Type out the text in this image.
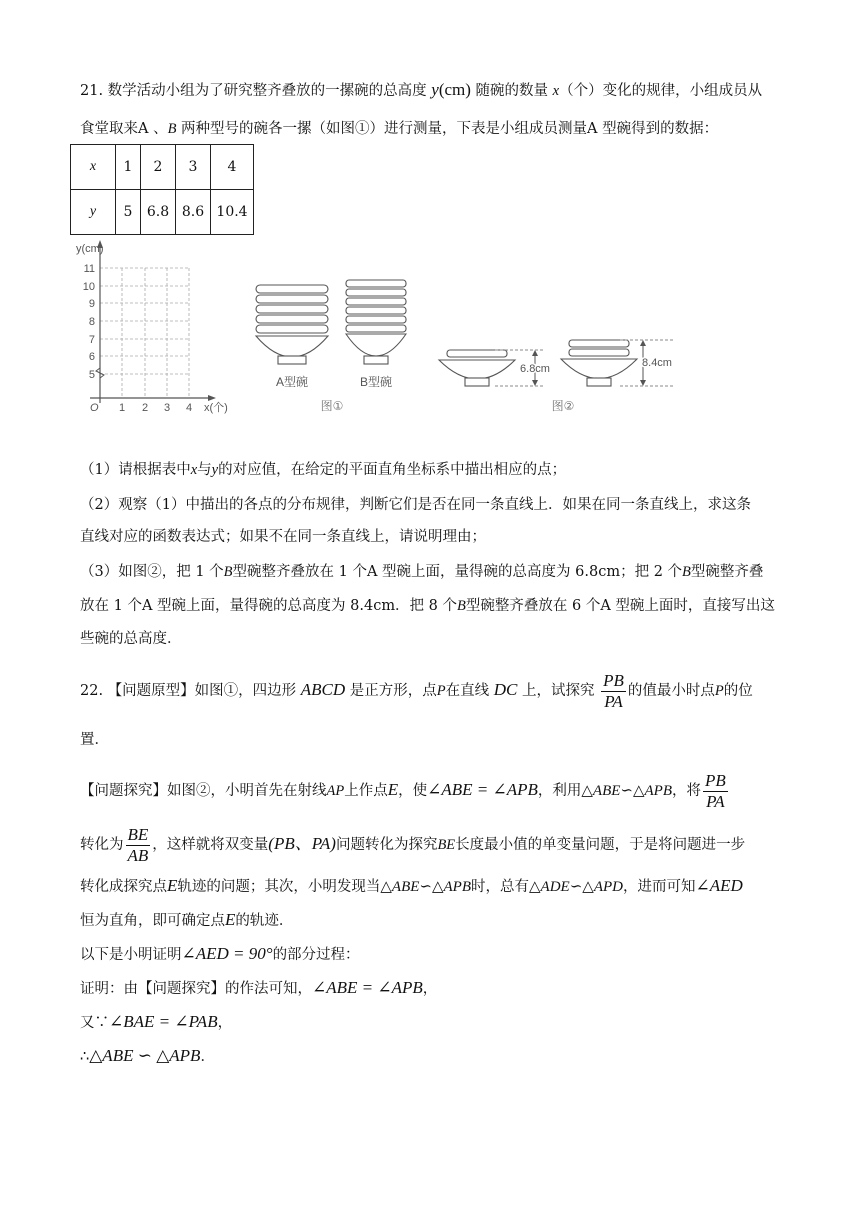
21. 数学活动小组为了研究整齐叠放的一摞碗的总高度 y(cm) 随碗的数量 x（个）变化的规律，小组成员从
食堂取来A 、B 两种型号的碗各一摞（如图①）进行测量，下表是小组成员测量A 型碗得到的数据：
x	1	2	3	4
y	5	6.8	8.6	10.4
y(cm)
x(个)
O
11
10
9
8
7
6
5
1 2 3 4
A型碗	B型碗
图①
6.8cm	8.4cm
图②
（1）请根据表中x与y的对应值，在给定的平面直角坐标系中描出相应的点；
（2）观察（1）中描出的各点的分布规律，判断它们是否在同一条直线上．如果在同一条直线上，求这条
直线对应的函数表达式；如果不在同一条直线上，请说明理由；
（3）如图②，把 1 个B型碗整齐叠放在 1 个A 型碗上面，量得碗的总高度为 6.8cm；把 2 个B型碗整齐叠
放在 1 个A 型碗上面，量得碗的总高度为 8.4cm．把 8 个B型碗整齐叠放在 6 个A 型碗上面时，直接写出这
些碗的总高度．
22. 【问题原型】如图①，四边形 ABCD 是正方形，点P在直线 DC 上，试探究 $\frac{PB}{PA}$ 的值最小时点P的位
置．
【问题探究】如图②，小明首先在射线AP上作点E，使∠ABE = ∠APB，利用△ABE∽△APB，将 $\frac{PB}{PA}$
转化为 $\frac{BE}{AB}$ ，这样就将双变量(PB、PA)问题转化为探究BE长度最小值的单变量问题，于是将问题进一步
转化成探究点E轨迹的问题；其次，小明发现当△ABE∽△APB时，总有△ADE∽△APD，进而可知∠AED
恒为直角，即可确定点E的轨迹．
以下是小明证明∠AED = 90°的部分过程：
证明：由【问题探究】的作法可知，∠ABE = ∠APB，
又∵∠BAE = ∠PAB，
∴△ABE ∽ △APB．
